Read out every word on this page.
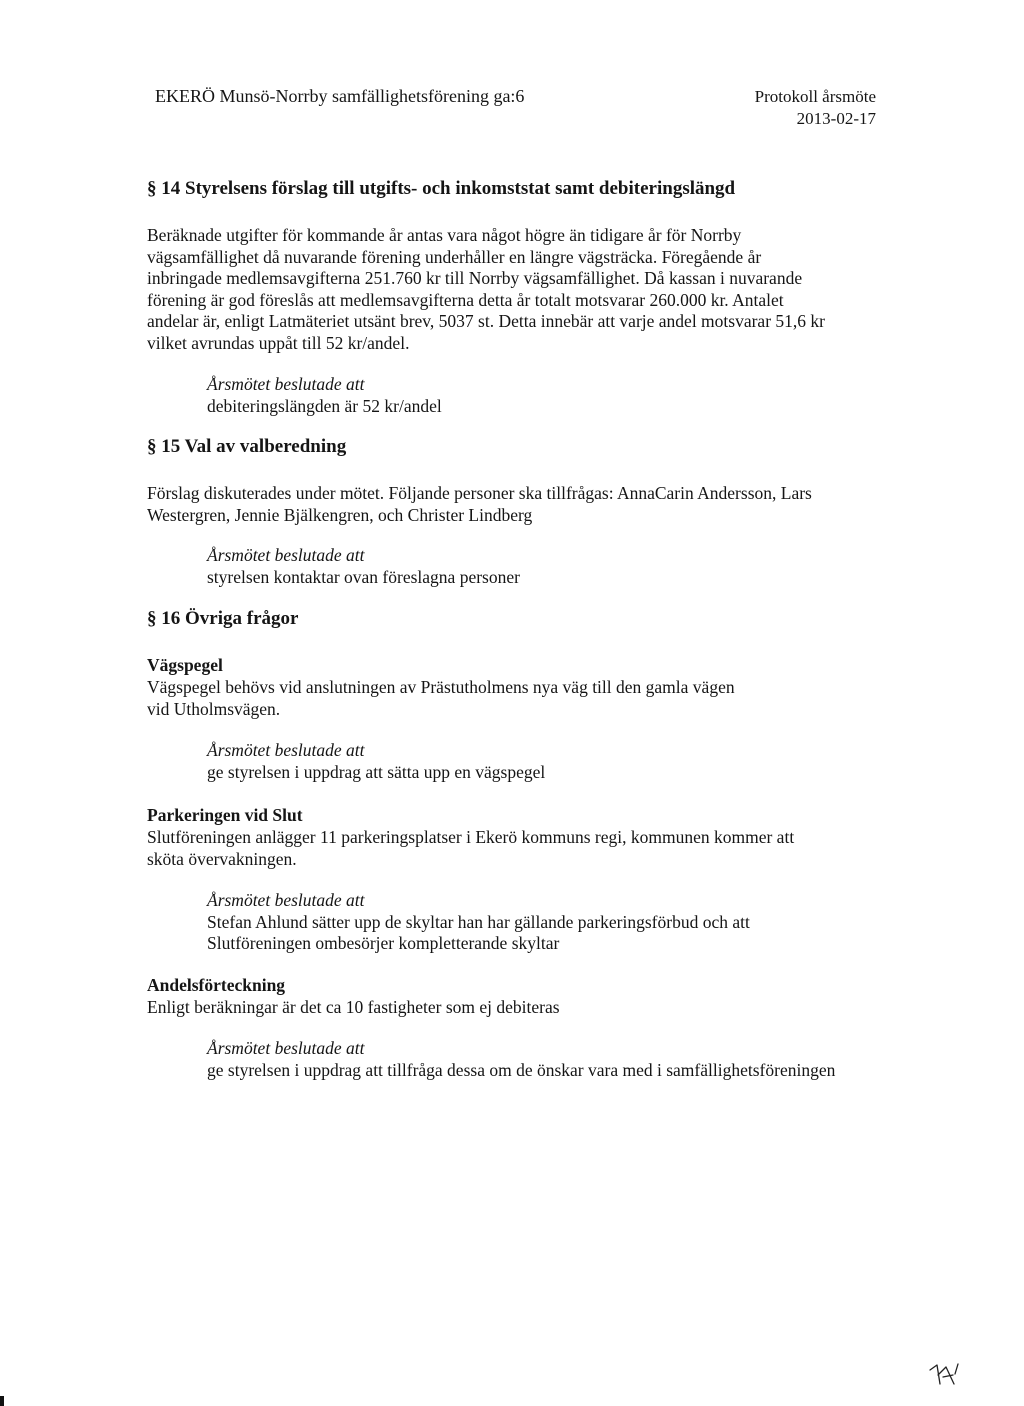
EKERÖ Munsö-Norrby samfällighetsförening ga:6	Protokoll årsmöte
2013-02-17
§ 14 Styrelsens förslag till utgifts- och inkomststat samt debiteringslängd
Beräknade utgifter för kommande år antas vara något högre än tidigare år för Norrby
vägsamfällighet då nuvarande förening underhåller en längre vägsträcka. Föregående år
inbringade medlemsavgifterna 251.760 kr till Norrby vägsamfällighet. Då kassan i nuvarande
förening är god föreslås att medlemsavgifterna detta år totalt motsvarar 260.000 kr. Antalet
andelar är, enligt Latmäteriet utsänt brev, 5037 st. Detta innebär att varje andel motsvarar 51,6 kr
vilket avrundas uppåt till 52 kr/andel.
Årsmötet beslutade att
debiteringslängden är 52 kr/andel
§ 15 Val av valberedning
Förslag diskuterades under mötet. Följande personer ska tillfrågas: AnnaCarin Andersson, Lars
Westergren, Jennie Bjälkengren, och Christer Lindberg
Årsmötet beslutade att
styrelsen kontaktar ovan föreslagna personer
§ 16 Övriga frågor
Vägspegel
Vägspegel behövs vid anslutningen av Prästutholmens nya väg till den gamla vägen
vid Utholmsvägen.
Årsmötet beslutade att
ge styrelsen i uppdrag att sätta upp en vägspegel
Parkeringen vid Slut
Slutföreningen anlägger 11 parkeringsplatser i Ekerö kommuns regi, kommunen kommer att
sköta övervakningen.
Årsmötet beslutade att
Stefan Ahlund sätter upp de skyltar han har gällande parkeringsförbud och att
Slutföreningen ombesörjer kompletterande skyltar
Andelsförteckning
Enligt beräkningar är det ca 10 fastigheter som ej debiteras
Årsmötet beslutade att
ge styrelsen i uppdrag att tillfråga dessa om de önskar vara med i samfällighetsföreningen
